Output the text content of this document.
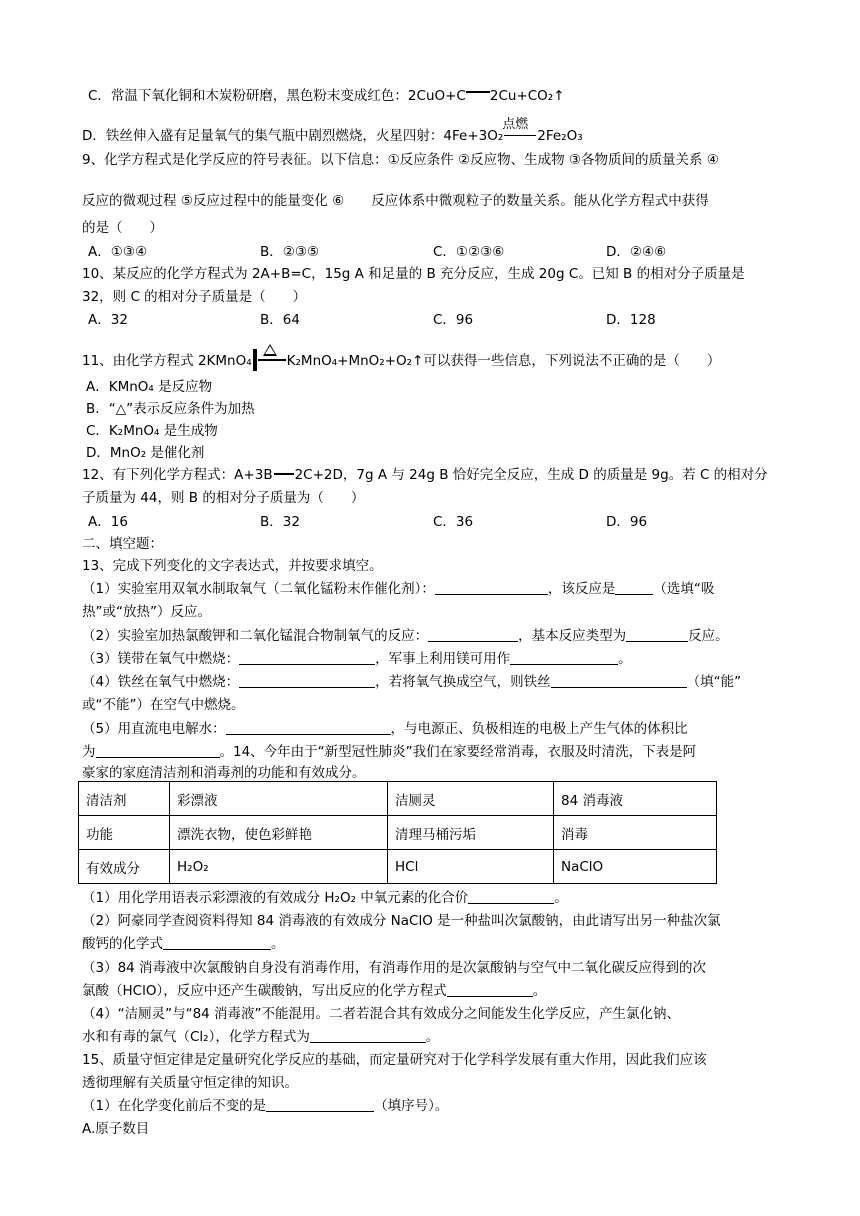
C．常温下氧化铜和木炭粉研磨，黑色粉末变成红色：2CuO+C 2Cu+CO₂↑
D．铁丝伸入盛有足量氧气的集气瓶中剧烈燃烧，火星四射：4Fe+3O₂
点燃
2Fe₂O₃
9、化学方程式是化学反应的符号表征。以下信息：①反应条件 ②反应物、生成物 ③各物质间的质量关系 ④
反应的微观过程 ⑤反应过程中的能量变化 ⑥　　反应体系中微观粒子的数量关系。能从化学方程式中获得
的是（　　）
A．①③④	B．②③⑤	C．①②③⑥	D．②④⑥
10、某反应的化学方程式为 2A+B=C，15g A 和足量的 B 充分反应，生成 20g C。已知 B 的相对分子质量是
32，则 C 的相对分子质量是（　　）
A．32	B．64	C．96	D．128
11、由化学方程式 2KMnO₄	K₂MnO₄+MnO₂+O₂↑可以获得一些信息，下列说法不正确的是（　　）
A．KMnO₄ 是反应物
B．“△”表示反应条件为加热
C．K₂MnO₄ 是生成物
D．MnO₂ 是催化剂
12、有下列化学方程式：A+3B 2C+2D，7g A 与 24g B 恰好完全反应，生成 D 的质量是 9g。若 C 的相对分
子质量为 44，则 B 的相对分子质量为（　　）
A．16	B．32	C．36	D．96
二、填空题：
13、完成下列变化的文字表达式，并按要求填空。
（1）实验室用双氧水制取氧气（二氧化锰粉末作催化剂）：	，该反应是	（选填“吸
热”或“放热”）反应。
（2）实验室加热氯酸钾和二氧化锰混合物制氧气的反应：	，基本反应类型为	反应。
（3）镁带在氧气中燃烧：	，军事上利用镁可用作	。
（4）铁丝在氧气中燃烧：	，若将氧气换成空气，则铁丝	（填“能”
或“不能”）在空气中燃烧。
（5）用直流电电解水：	，与电源正、负极相连的电极上产生气体的体积比
为	。14、今年由于“新型冠性肺炎”我们在家要经常消毒，衣服及时清洗，下表是阿
豪家的家庭清洁剂和消毒剂的功能和有效成分。
清洁剂	彩漂液	洁厕灵	84 消毒液
功能	漂洗衣物，使色彩鲜艳	清理马桶污垢	消毒
有效成分	H₂O₂	HCl	NaClO
（1）用化学用语表示彩漂液的有效成分 H₂O₂ 中氧元素的化合价	。
（2）阿豪同学查阅资料得知 84 消毒液的有效成分 NaClO 是一种盐叫次氯酸钠，由此请写出另一种盐次氯
酸钙的化学式	。
（3）84 消毒液中次氯酸钠自身没有消毒作用，有消毒作用的是次氯酸钠与空气中二氧化碳反应得到的次
氯酸（HClO），反应中还产生碳酸钠，写出反应的化学方程式	。
（4）“洁厕灵”与“84 消毒液”不能混用。二者若混合其有效成分之间能发生化学反应，产生氯化钠、
水和有毒的氯气（Cl₂），化学方程式为	。
15、质量守恒定律是定量研究化学反应的基础，而定量研究对于化学科学发展有重大作用，因此我们应该
透彻理解有关质量守恒定律的知识。
（1）在化学变化前后不变的是	（填序号）。
A.原子数目
